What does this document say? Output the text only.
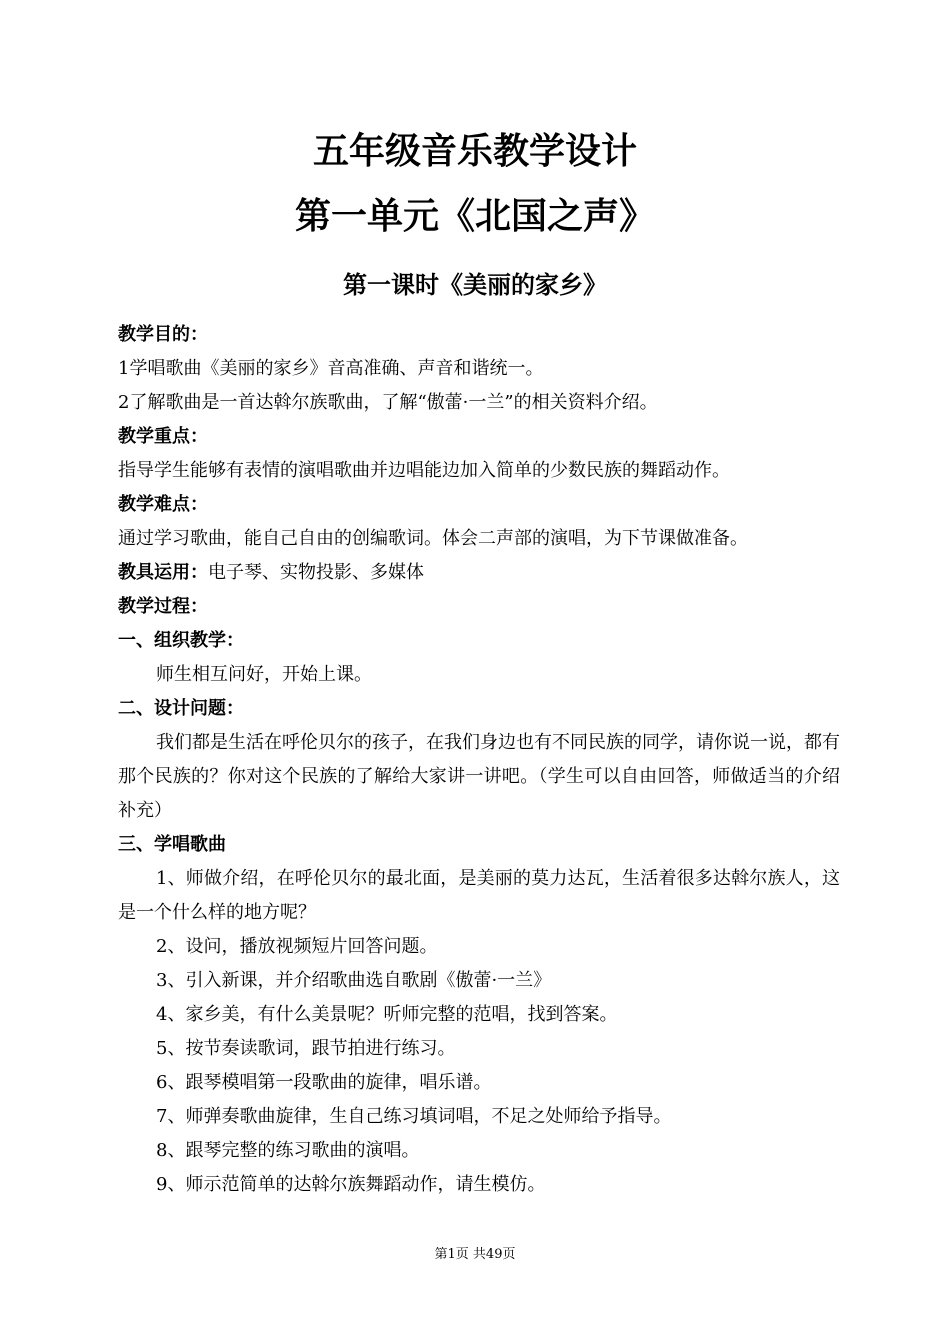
五年级音乐教学设计
第一单元《北国之声》
第一课时《美丽的家乡》
教学目的：
1学唱歌曲《美丽的家乡》音高准确、声音和谐统一。
2了解歌曲是一首达斡尔族歌曲，了解“傲蕾·一兰”的相关资料介绍。
教学重点：
指导学生能够有表情的演唱歌曲并边唱能边加入简单的少数民族的舞蹈动作。
教学难点：
通过学习歌曲，能自己自由的创编歌词。体会二声部的演唱，为下节课做准备。
教具运用：电子琴、实物投影、多媒体
教学过程：
一、组织教学：
师生相互问好，开始上课。
二、设计问题：
我们都是生活在呼伦贝尔的孩子，在我们身边也有不同民族的同学，请你说一说，都有那个民族的？你对这个民族的了解给大家讲一讲吧。（学生可以自由回答，师做适当的介绍补充）
三、学唱歌曲
1、师做介绍，在呼伦贝尔的最北面，是美丽的莫力达瓦，生活着很多达斡尔族人，这是一个什么样的地方呢？
2、设问，播放视频短片回答问题。
3、引入新课，并介绍歌曲选自歌剧《傲蕾·一兰》
4、家乡美，有什么美景呢？听师完整的范唱，找到答案。
5、按节奏读歌词，跟节拍进行练习。
6、跟琴模唱第一段歌曲的旋律，唱乐谱。
7、师弹奏歌曲旋律，生自己练习填词唱，不足之处师给予指导。
8、跟琴完整的练习歌曲的演唱。
9、师示范简单的达斡尔族舞蹈动作，请生模仿。
第1页 共49页
